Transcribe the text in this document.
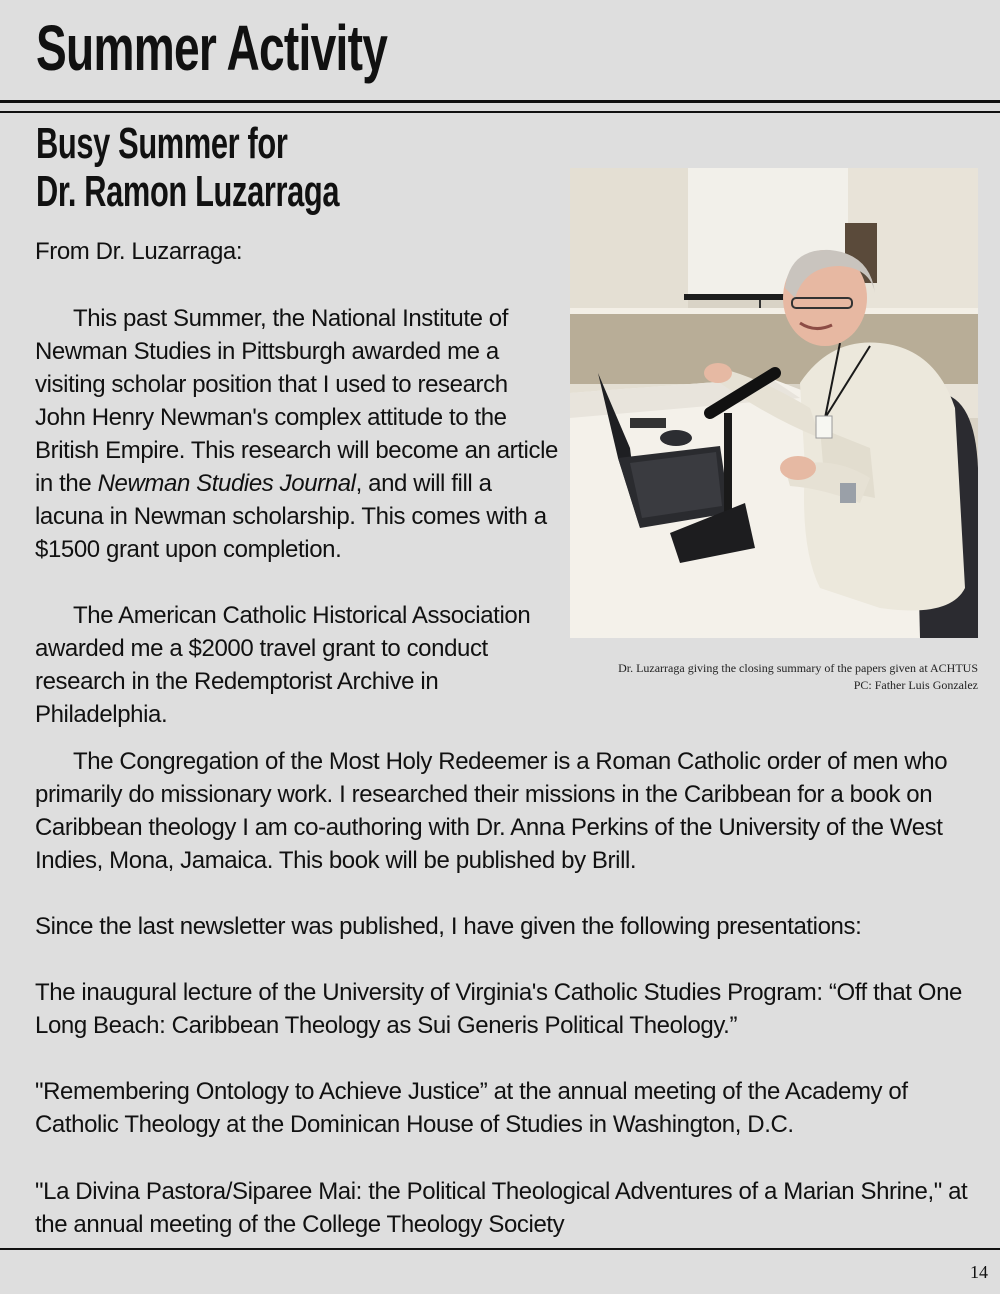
Summer Activity
Busy Summer for
Dr. Ramon Luzarraga

From Dr. Luzarraga:

This past Summer, the National Institute of Newman Studies in Pittsburgh awarded me a visiting scholar position that I used to research John Henry Newman's complex attitude to the British Empire. This research will become an article in the Newman Studies Journal, and will fill a lacuna in Newman scholarship. This comes with a $1500 grant upon completion.

The American Catholic Historical Association awarded me a $2000 travel grant to conduct research in the Redemptorist Archive in Philadelphia.

Dr. Luzarraga giving the closing summary of the papers given at ACHTUS
PC: Father Luis Gonzalez

The Congregation of the Most Holy Redeemer is a Roman Catholic order of men who primarily do missionary work. I researched their missions in the Caribbean for a book on Caribbean theology I am co-authoring with Dr. Anna Perkins of the University of the West Indies, Mona, Jamaica. This book will be published by Brill.

Since the last newsletter was published, I have given the following presentations:

The inaugural lecture of the University of Virginia's Catholic Studies Program: “Off that One Long Beach: Caribbean Theology as Sui Generis Political Theology.”

"Remembering Ontology to Achieve Justice” at the annual meeting of the Academy of Catholic Theology at the Dominican House of Studies in Washington, D.C.

"La Divina Pastora/Siparee Mai: the Political Theological Adventures of a Marian Shrine," at the annual meeting of the College Theology Society

14
